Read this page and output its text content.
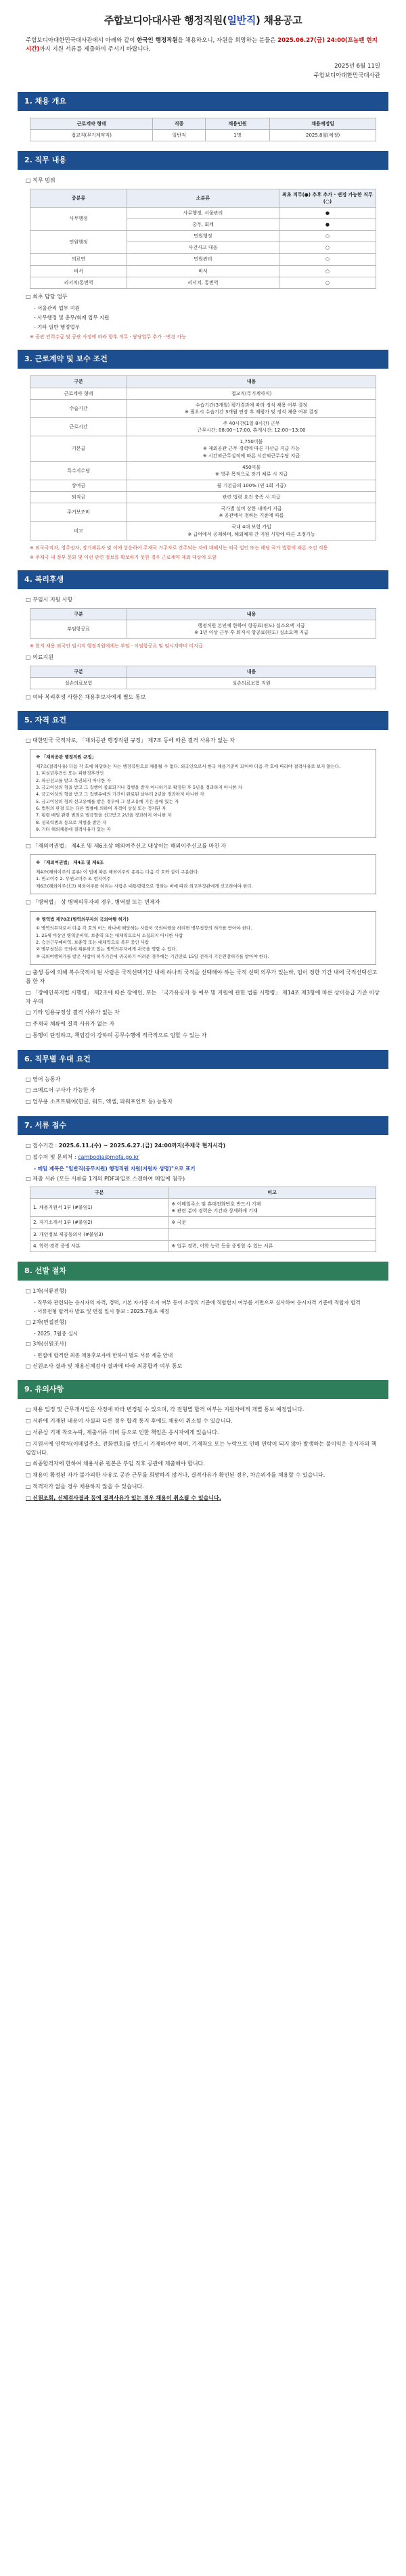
주합보디아대사관 행정직원(일반직) 채용공고
주합보디아대한민국대사관에서 아래와 같이 한국인 행정직원을 채용하오니, 자원을 희망하는 분들은 2025.06.27(금) 24:00(프놈펜 현지시간)까지 지원 서류를 제출하여 주시기 바랍니다.
2025년 6월 11일
주합보디아대한민국대사관
1. 채용 개요
근로계약 형태	직종	채용인원	채용예정일
접교직(무기계약직)	일반직	1명	2025.8월(예정)
2. 직무 내용
□ 직무 범위
중분류	소분류	최초 직무(●) 추후 추가 · 변경 가능한 직무(○)
사무행정	사무행정, 서울관리	●
	총무, 회계	●
민원행정	민원행정	○
	사건사고 대응	○
의료연	민원관리	○
비서	비서	○
리서치/통번역	리서치, 통번역	○
□ 최초 담당 업무
- 서울관리 업무 지원
- 사무행정 및 총무/회계 업무 지원
- 기타 일반 행정업무
※ 공관 인력수급 및 공관 사정에 따라 향후 직무 · 담당업무 추가 · 변경 가능
3. 근로계약 및 보수 조건
구분	내용
근로계약 형태	접교직(무기계약직)
수습기간	수습기간(3개월) 평가결과에 따라 정식 채용 여부 결정
※ 필요시 수습기간 3개월 연장 후 재평가 및 정식 채용 여부 결정
근로시간	주 40시간(1일 8시간) 근무
근무시간: 08:00~17:00, 휴게시간: 12:00~13:00
기본급	1,750미불
※ 재외공관 근무 경력에 따른 가산급 지급 가능
※ 시간외근무실적에 따른 시간외근무수당 지급
특수지수당	450미불
※ 영주 목적으로 장기 체류 시 지급
상여금	월 기본급의 100% (연 1회 지급)
퇴직금	관련 법령 요건 충족 시 지급
주거보조비	국가별 실비 상한 내에서 지급
※ 공관에서 정하는 기준에 따름
비고	국내 4대 보험 가입
※ 급여에서 공제하며, 해외체재 간 지원 사항에 따른 조정가능
※ 외국국적자, 영주권자, 장기체류자 및 이에 상응하여 주재국 거주자로 간주되는 자에 대해서는 외국 법인 또는 해당 국가 법령에 따른 조건 적용
※ 주재국 내 정부 문화 및 이런 관련 정보를 확보하지 못한 경우 근로계약 제외 대상에 포함
4. 복리후생
□ 부임시 지원 사항
구분	내용
부임항공료	행정직원 본인에 한하여 항공료(편도) 실소요액 지급
※ 1년 이상 근무 후 퇴직시 항공료(편도) 실소요액 지급
※ 현지 채용 외국인 임시직 행정직원에게는 부임 · 이임항공료 및 임시계약비 미지급
□ 의료지원
구분	내용
실손의료보험	실손의료보험 지원
□ 여타 복리후생 사항은 채용후보자에게 별도 통보
5. 자격 요건
□ 대한민국 국적자로, 「재외공관 행정직원 규정」 제7조 등에 따른 결격 사유가 없는 자
※ 「재외공관 행정직원 규정」
제7조(결격사유) 다음 각 호에 해당하는 자는 행정직원으로 채용될 수 없다. 외국인으로서 한국 채용기준이 되어야 다음 각 호에 따라야 결격사유로 보지 않는다.
1. 피성년후견인 또는 피한정후견인
2. 파산선고를 받고 복권되지 아니한 자
3. 금고이상의 형을 받고 그 집행이 종료되거나 집행을 받지 아니하기로 확정된 후 5년을 경과하지 아니한 자
4. 금고이상의 형을 받고 그 집행유예의 기간이 완료된 날부터 2년을 경과하지 아니한 자
5. 금고이상의 형의 선고유예를 받은 경우에 그 선고유예 기간 중에 있는 자
6. 법원의 판결 또는 다른 법률에 의하여 자격이 상실 또는 정지된 자
7. 횡령 배임 관련 범죄로 벌금형을 선고받고 2년을 경과하지 아니한 자
8. 성폭력범죄 등으로 처벌을 받은 자
9. 기타 해외채용에 결격사유가 있는 자
□ 「재외여권법」 제4조 및 제6조상 해외여주신고 대상이는 해외이주신고를 마친 자
※ 「재외여권법」 제4조 및 제6조
제4조(해외이주의 종류) 이 법에 따른 해외이주의 종류는 다음 각 호와 같이 구분한다.
1. 연고이주 2. 무연고이주 3. 현지이주
제6조(해외이주신고) 해외이주를 하려는 사람은 대통령령으로 정하는 바에 따라 외교부장관에게 신고하여야 한다.
□ 「병역법」 상 병역의무자의 경우, 병역필 또는 면제자
※ 병역법 제70조(병역의무자의 국외여행 허가)
① 병역의무자로서 다음 각 호의 어느 하나에 해당하는 사람이 국외여행을 하려면 병무청장의 허가를 받아야 한다.
1. 25세 이상인 병역준비역, 보충역 또는 대체역으로서 소집되지 아니한 사람
2. 승선근무예비역, 보충역 또는 대체역으로 복무 중인 사람
② 병무청장은 국외에 체류하고 있는 병역의무자에게 귀국을 명할 수 있다.
③ 국외여행허가를 받은 사람이 허가기간에 귀국하기 어려운 경우에는 기간만료 15일 전까지 기간연장허가를 받아야 한다.
□ 출생 등에 의해 복수국적이 된 사람은 국적선택기간 내에 하나의 국적을 선택해야 하는 국적 선택 의무가 있는바, 임이 정한 기간 내에 국적선택신고를 한 자
□ 「장애인복지법 시행령」 제2조에 따른 장애인, 또는 「국가유공자 등 예우 및 지원에 관한 법률 시행령」 제14조 제3항에 따른 상이등급 기준 이상자 우대
□ 기타 임용규정상 결격 사유가 없는 자
□ 주재국 체류에 결격 사유가 없는 자
□ 통행이 단정하고, 책임감이 강하며 공무수행에 적극적으로 임할 수 있는 자
6. 직무별 우대 요건
□ 영어 능통자
□ 크메르어 구사가 가능한 자
□ 업무용 소프트웨어(한글, 워드, 엑셀, 파워포인트 등) 능통자
7. 서류 접수
□ 접수기간 : 2025.6.11.(수) ~ 2025.6.27.(금) 24:00까지(주재국 현지시각)
□ 접수처 및 문의처 : cambodia@mofa.go.kr
- 메일 제목은 "일반직(공무지원) 행정직원 지원(지원자 성명)"으로 표기
□ 제출 서류 (모든 서류를 1개의 PDF파일로 스캔하여 메일에 첨부)
구분	비고
1. 채용지원서 1부 (#붙임1)	※ 이메일주소 및 휴대전화번호 반드시 기재
※ 관련 분야 경력은 기간과 상세하게 기재
2. 자기소개서 1부 (#붙임2)	※ 국문
3. 개인정보 제공동의서 (#붙임3)	
4. 학력·경력 증빙 사본	※ 업무 경력, 어학 능력 등을 증빙할 수 있는 서류
8. 선발 절차
□ 1차(서류전형)
- 직무와 관련되는 응시자의 자격, 경력, 기본 자기증 소지 여부 등이 소정의 기준에 적합한지 여부를 서면으로 심사하여 응시자격 기준에 적합자 합격
- 서류전형 합격자 발표 및 면접 일시 통보 : 2025.7월초 예정
□ 2차(면접전형)
- 2025. 7월중 실시
□ 3차(신원조사)
- 면접에 합격한 최종 채용후보자에 한하여 별도 서류 제출 안내
□ 신원조사 결과 및 채용신체검사 결과에 따라 최종합격 여부 통보
9. 유의사항
□ 채용 일정 및 근무개시일은 사정에 따라 변경될 수 있으며, 각 전형별 합격 여부는 지원자에게 개별 통보 예정입니다.
□ 서류에 기재된 내용이 사실과 다른 경우 합격 통지 후에도 채용이 취소될 수 있습니다.
□ 서류상 기재 착오누락, 제출서류 미비 등으로 인한 책임은 응시자에게 있습니다.
□ 지원서에 연락처(이메일주소, 전화번호)를 반드시 기재하여야 하며, 기재착오 또는 누락으로 인해 연락이 되지 않아 발생하는 불이익은 응시자의 책임입니다.
□ 최종합격자에 한하여 채용서류 원본은 부임 직후 공관에 제출해야 합니다.
□ 채용이 확정된 자가 불가피한 사유로 공관 근무를 희망하지 않거나, 결격사유가 확인된 경우, 차순위자를 채용할 수 있습니다.
□ 적격자가 없을 경우 채용하지 않을 수 있습니다.
□ 신원조회, 신체검사결과 등에 결격사유가 있는 경우 채용이 취소될 수 있습니다.
